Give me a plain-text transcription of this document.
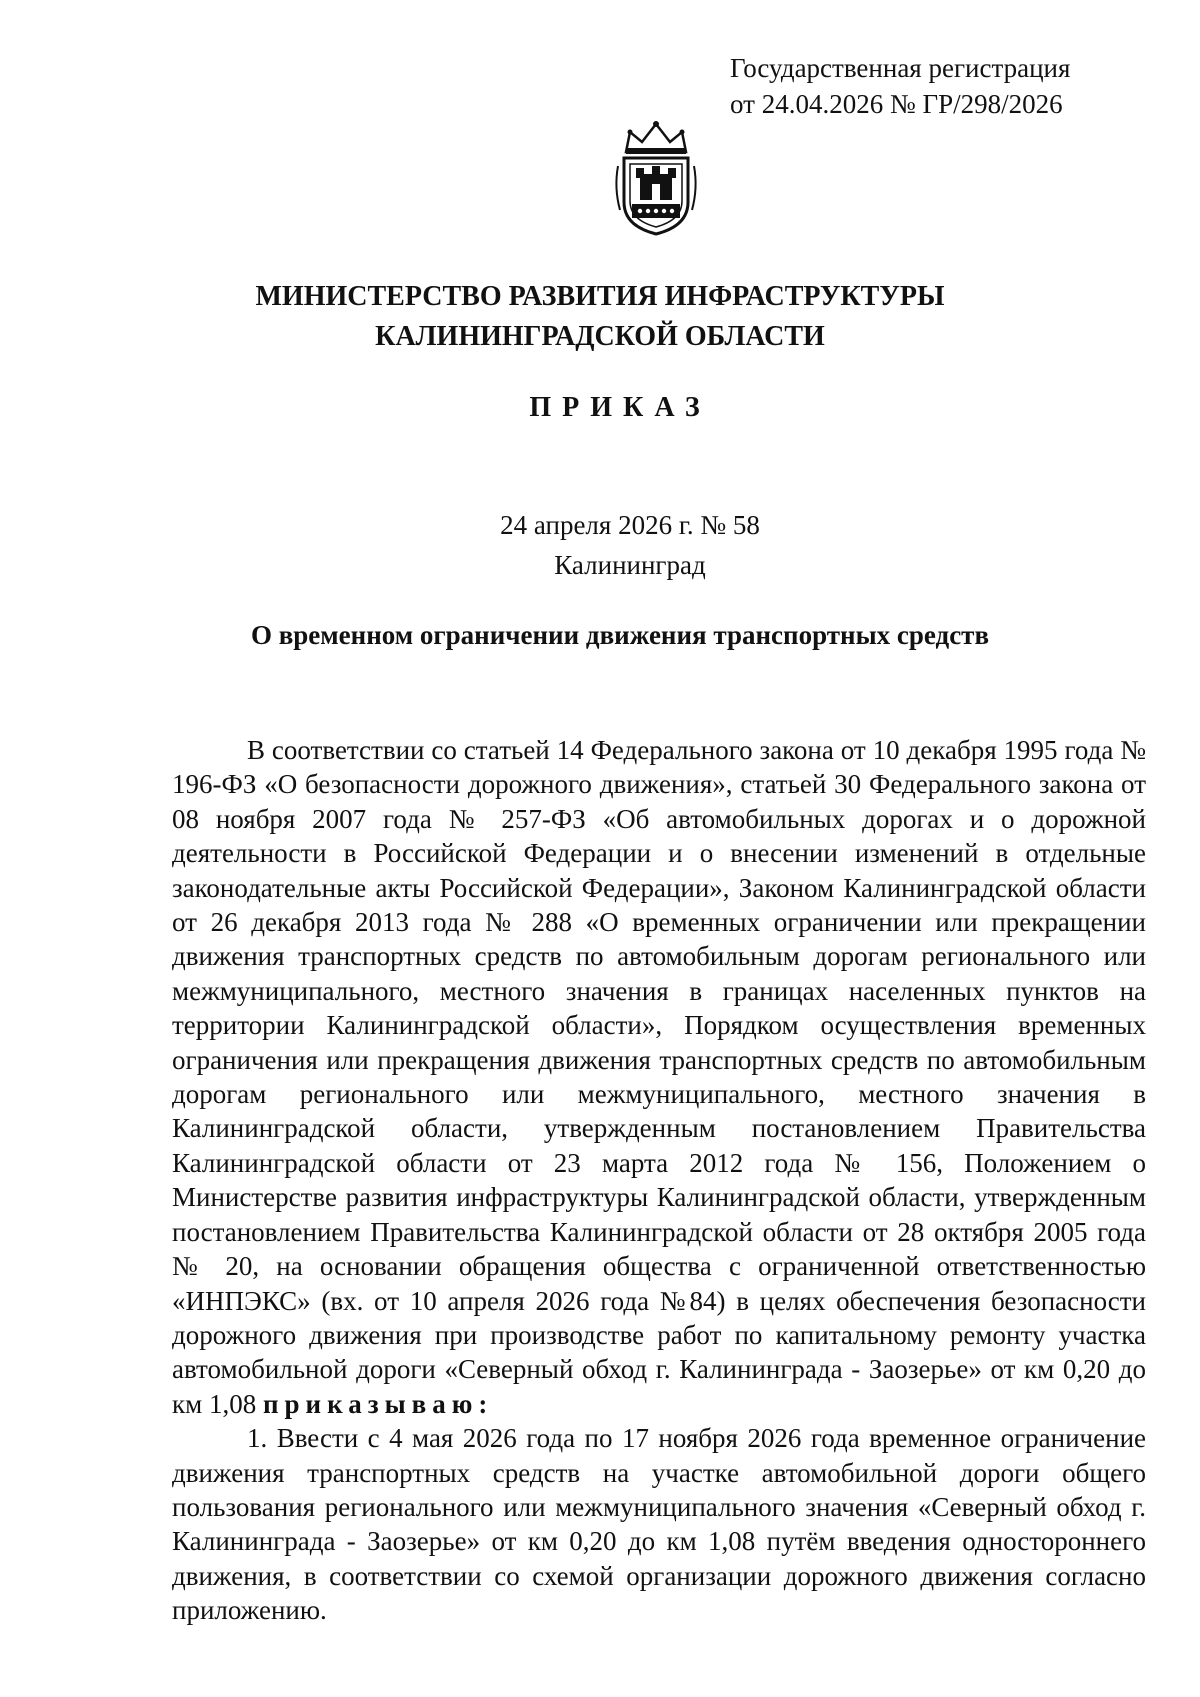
Государственная регистрация
от 24.04.2026 № ГР/298/2026
МИНИСТЕРСТВО РАЗВИТИЯ ИНФРАСТРУКТУРЫ
КАЛИНИНГРАДСКОЙ ОБЛАСТИ
ПРИКАЗ
24 апреля 2026 г. № 58
Калининград
О временном ограничении движения транспортных средств

В соответствии со статьей 14 Федерального закона от 10 декабря 1995 года № 196-ФЗ «О безопасности дорожного движения», статьей 30 Федерального закона от 08 ноября 2007 года № 257-ФЗ «Об автомобильных дорогах и о дорожной деятельности в Российской Федерации и о внесении изменений в отдельные законодательные акты Российской Федерации», Законом Калининградской области от 26 декабря 2013 года № 288 «О временных ограничении или прекращении движения транспортных средств по автомобильным дорогам регионального или межмуниципального, местного значения в границах населенных пунктов на территории Калининградской области», Порядком осуществления временных ограничения или прекращения движения транспортных средств по автомобильным дорогам регионального или межмуниципального, местного значения в Калининградской области, утвержденным постановлением Правительства Калининградской области от 23 марта 2012 года № 156, Положением о Министерстве развития инфраструктуры Калининградской области, утвержденным постановлением Правительства Калининградской области от 28 октября 2005 года № 20, на основании обращения общества с ограниченной ответственностью «ИНПЭКС» (вх. от 10 апреля 2026 года №84) в целях обеспечения безопасности дорожного движения при производстве работ по капитальному ремонту участка автомобильной дороги «Северный обход г. Калининграда - Заозерье» от км 0,20 до км 1,08 приказываю:

1. Ввести с 4 мая 2026 года по 17 ноября 2026 года временное ограничение движения транспортных средств на участке автомобильной дороги общего пользования регионального или межмуниципального значения «Северный обход г. Калининграда - Заозерье» от км 0,20 до км 1,08 путём введения одностороннего движения, в соответствии со схемой организации дорожного движения согласно приложению.
